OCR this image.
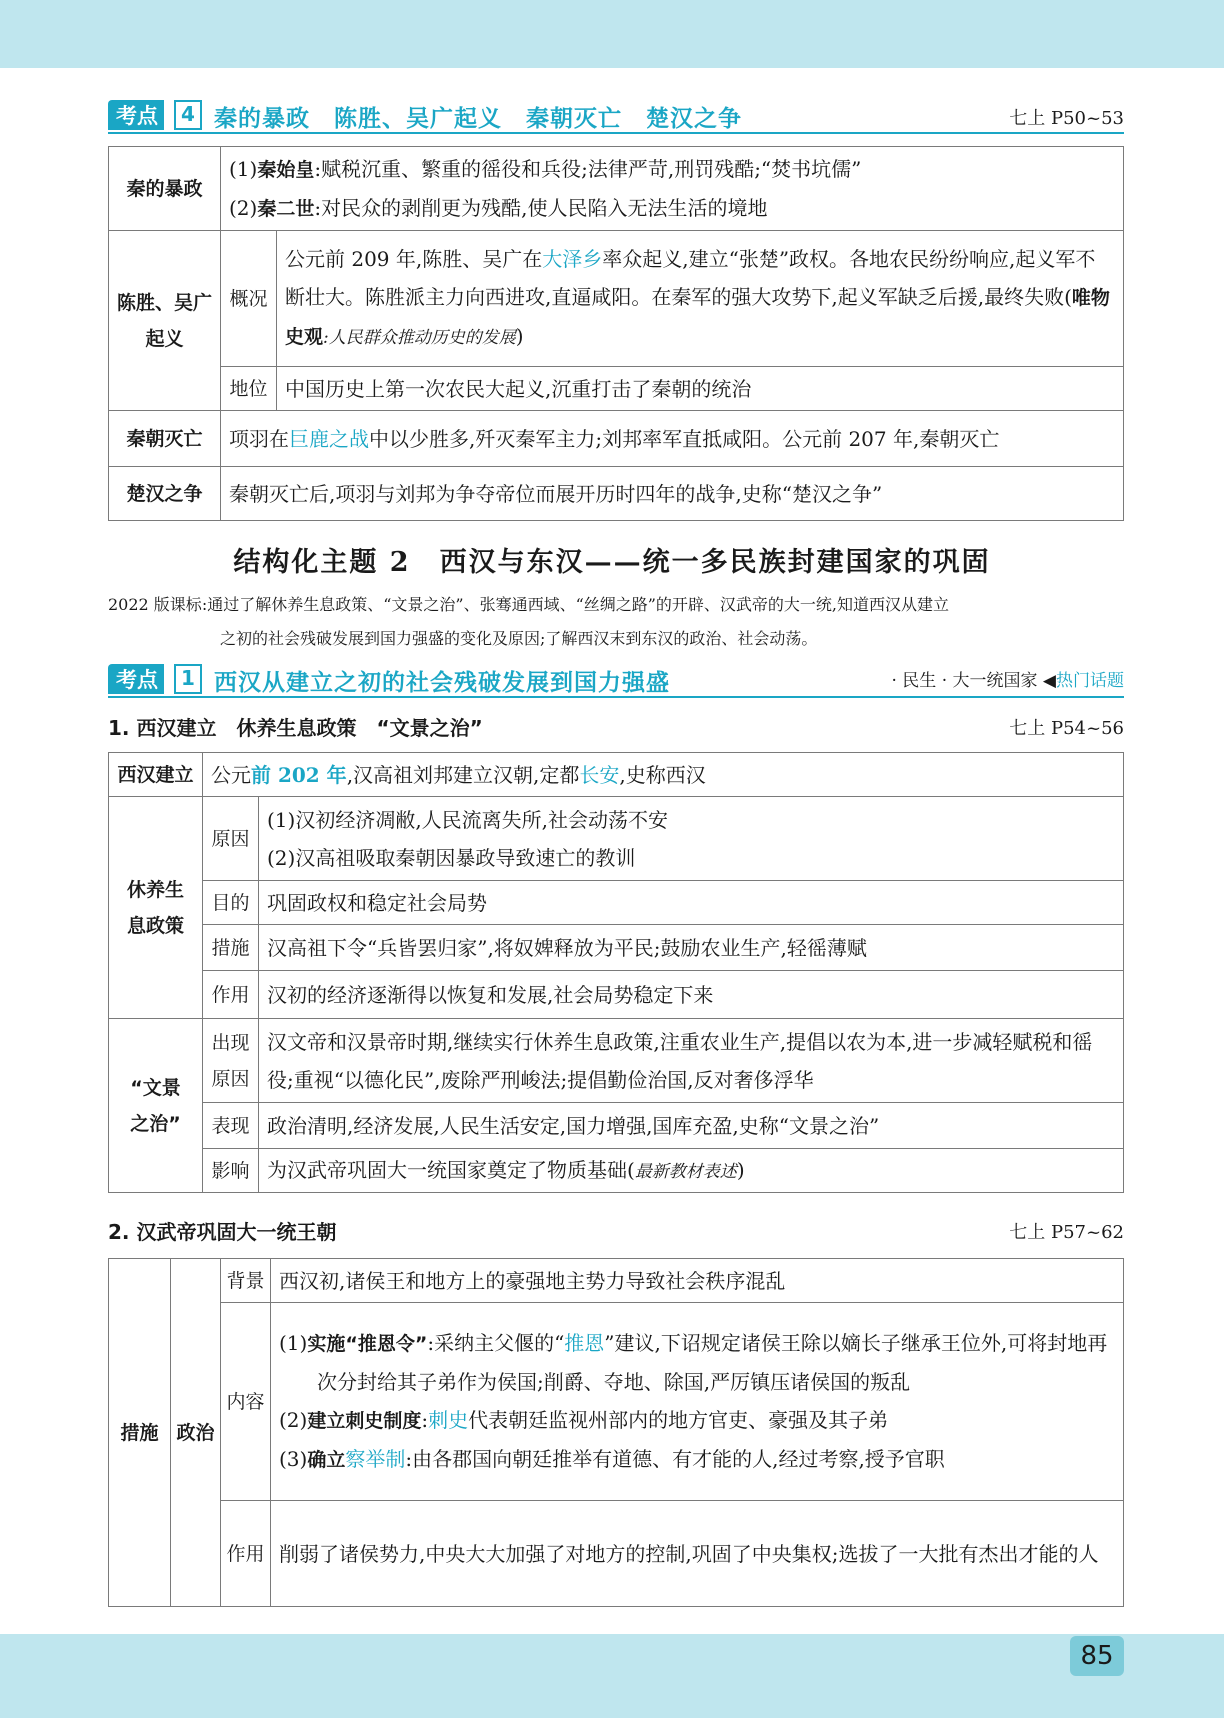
考点	4 秦的暴政　陈胜、吴广起义　秦朝灭亡　楚汉之争	七上 P50~53
秦的暴政	(1)秦始皇:赋税沉重、繁重的徭役和兵役;法律严苛,刑罚残酷;“焚书坑儒”
(2)秦二世:对民众的剥削更为残酷,使人民陷入无法生活的境地	

陈胜、吴广起义	概况	公元前 209 年,陈胜、吴广在大泽乡率众起义,建立“张楚”政权。各地农民纷纷响应,起义军不断壮大。陈胜派主力向西进攻,直逼咸阳。在秦军的强大攻势下,起义军缺乏后援,最终失败(唯物史观:人民群众推动历史的发展)
	地位	中国历史上第一次农民大起义,沉重打击了秦朝的统治
秦朝灭亡	项羽在巨鹿之战中以少胜多,歼灭秦军主力;刘邦率军直抵咸阳。公元前 207 年,秦朝灭亡	
楚汉之争	秦朝灭亡后,项羽与刘邦为争夺帝位而展开历时四年的战争,史称“楚汉之争”	
结构化主题 2　西汉与东汉——统一多民族封建国家的巩固
2022 版课标:通过了解休养生息政策、“文景之治”、张骞通西域、“丝绸之路”的开辟、汉武帝的大一统,知道西汉从建立
之初的社会残破发展到国力强盛的变化及原因;了解西汉末到东汉的政治、社会动荡。
考点	1 西汉从建立之初的社会残破发展到国力强盛	· 民生 · 大一统国家 ◀热门话题
1. 西汉建立　休养生息政策　“文景之治”	七上 P54~56
西汉建立	公元前 202 年,汉高祖刘邦建立汉朝,定都长安,史称西汉	
休养生息政策	原因	(1)汉初经济凋敝,人民流离失所,社会动荡不安
(2)汉高祖吸取秦朝因暴政导致速亡的教训

	目的	巩固政权和稳定社会局势
	措施	汉高祖下令“兵皆罢归家”,将奴婢释放为平民;鼓励农业生产,轻徭薄赋
	作用	汉初的经济逐渐得以恢复和发展,社会局势稳定下来
“文景之治”	出现原因	汉文帝和汉景帝时期,继续实行休养生息政策,注重农业生产,提倡以农为本,进一步减轻赋税和徭役;重视“以德化民”,废除严刑峻法;提倡勤俭治国,反对奢侈浮华
	表现	政治清明,经济发展,人民生活安定,国力增强,国库充盈,史称“文景之治”
	影响	为汉武帝巩固大一统国家奠定了物质基础(最新教材表述)
2. 汉武帝巩固大一统王朝	七上 P57~62
措施	政治	背景	西汉初,诸侯王和地方上的豪强地主势力导致社会秩序混乱
		内容	(1)实施“推恩令”:采纳主父偃的“推恩”建议,下诏规定诸侯王除以嫡长子继承王位外,可将封地再次分封给其子弟作为侯国;削爵、夺地、除国,严厉镇压诸侯国的叛乱
(2)建立刺史制度:刺史代表朝廷监视州部内的地方官吏、豪强及其子弟
(3)确立察举制:由各郡国向朝廷推举有道德、有才能的人,经过考察,授予官职

		作用	削弱了诸侯势力,中央大大加强了对地方的控制,巩固了中央集权;选拔了一大批有杰出才能的人
85
